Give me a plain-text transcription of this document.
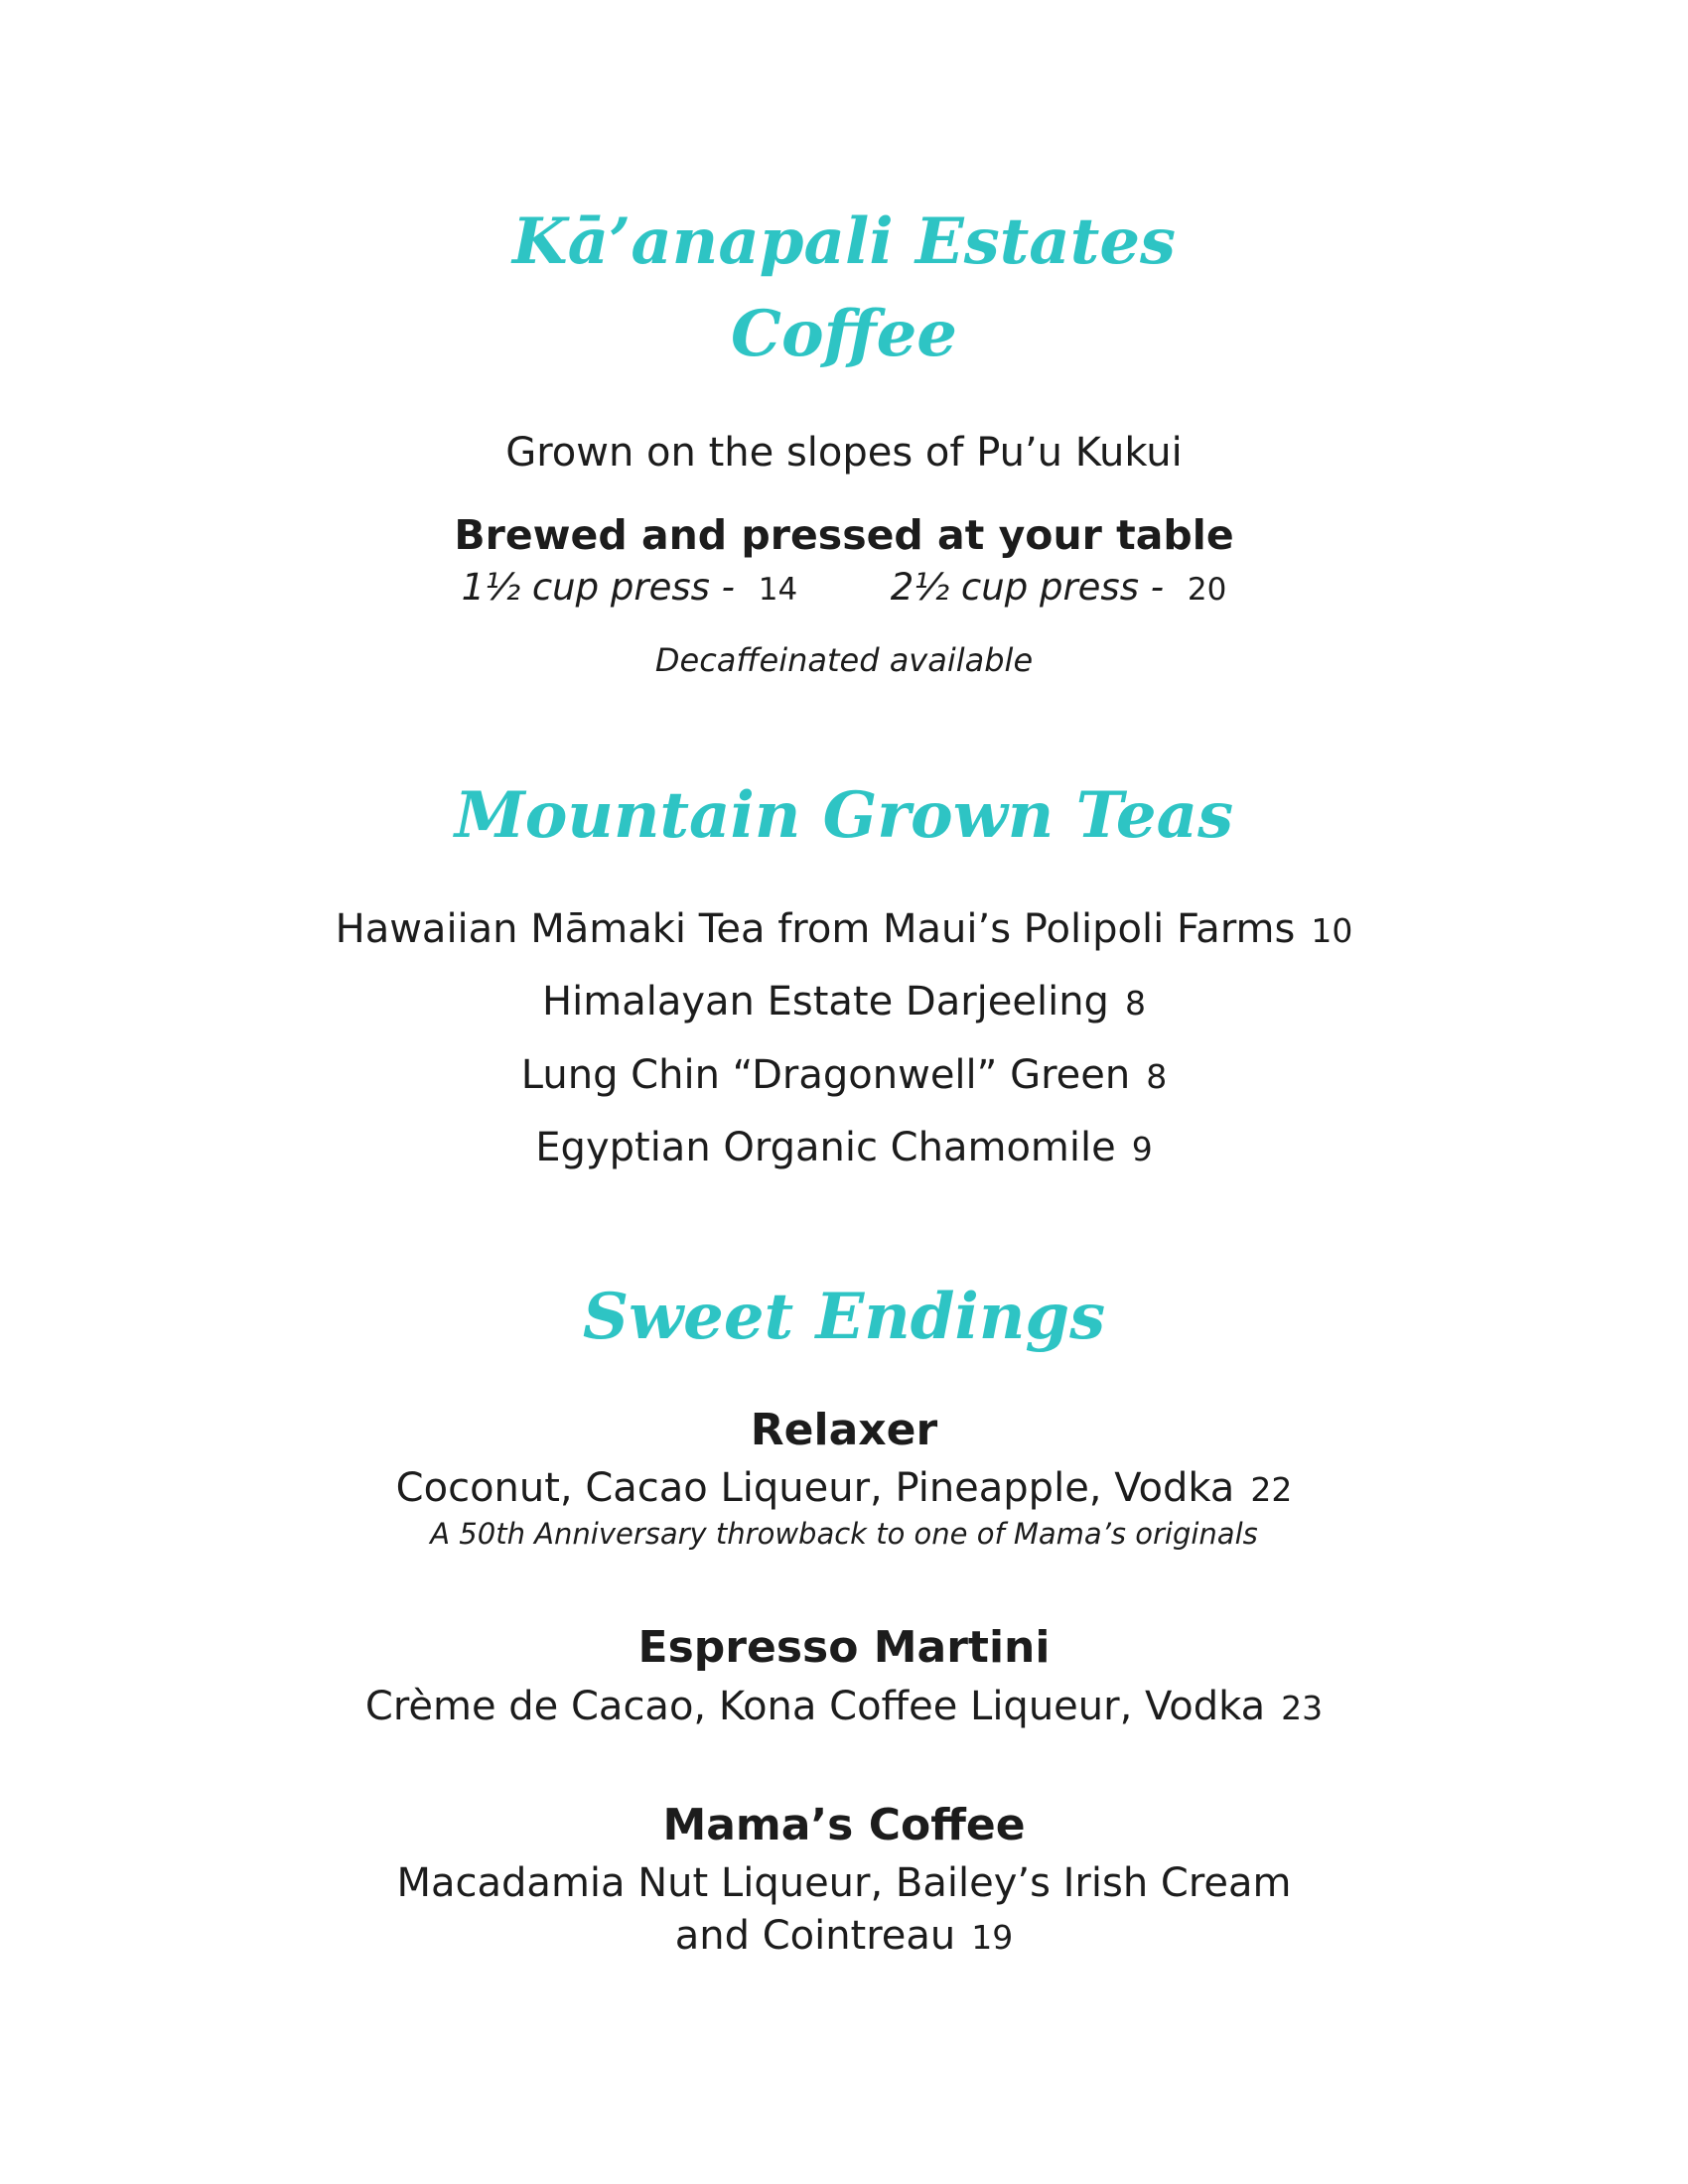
Kā’anapali Estates
Coffee
Grown on the slopes of Pu’u Kukui
Brewed and pressed at your table
1½ cup press - 14	2½ cup press - 20
Decaffeinated available
Mountain Grown Teas
Hawaiian Māmaki Tea from Maui’s Polipoli Farms 10
Himalayan Estate Darjeeling 8
Lung Chin “Dragonwell” Green 8
Egyptian Organic Chamomile 9
Sweet Endings
Relaxer
Coconut, Cacao Liqueur, Pineapple, Vodka 22
A 50th Anniversary throwback to one of Mama’s originals
Espresso Martini
Crème de Cacao, Kona Coffee Liqueur, Vodka 23
Mama’s Coffee
Macadamia Nut Liqueur, Bailey’s Irish Cream
and Cointreau 19
